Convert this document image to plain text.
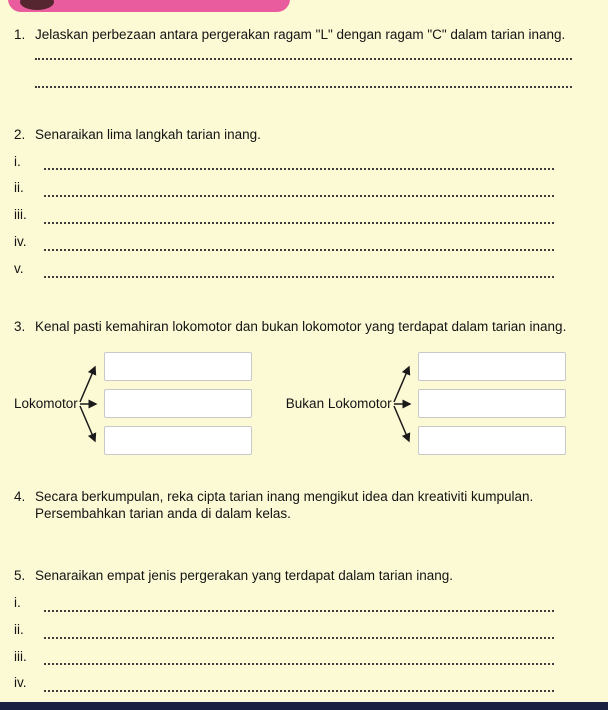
1. Jelaskan perbezaan antara pergerakan ragam "L" dengan ragam "C" dalam tarian inang.
2. Senaraikan lima langkah tarian inang.
i.
ii.
iii.
iv.
v.
3. Kenal pasti kemahiran lokomotor dan bukan lokomotor yang terdapat dalam tarian inang.
Lokomotor	Bukan Lokomotor
4. Secara berkumpulan, reka cipta tarian inang mengikut idea dan kreativiti kumpulan. Persembahkan tarian anda di dalam kelas.
5. Senaraikan empat jenis pergerakan yang terdapat dalam tarian inang.
i.
ii.
iii.
iv.
